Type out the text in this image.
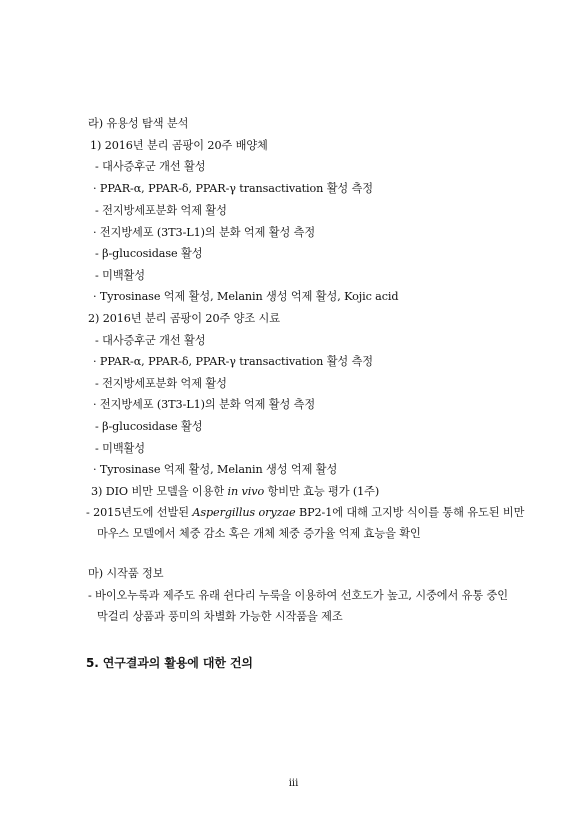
라) 유용성 탐색 분석
1) 2016년 분리 곰팡이 20주 배양체
- 대사증후군 개선 활성
· PPAR-α, PPAR-δ, PPAR-γ transactivation 활성 측정
- 전지방세포분화 억제 활성
· 전지방세포 (3T3-L1)의 분화 억제 활성 측정
- β-glucosidase 활성
- 미백활성
· Tyrosinase 억제 활성, Melanin 생성 억제 활성, Kojic acid
2) 2016년 분리 곰팡이 20주 양조 시료
- 대사증후군 개선 활성
· PPAR-α, PPAR-δ, PPAR-γ transactivation 활성 측정
- 전지방세포분화 억제 활성
· 전지방세포 (3T3-L1)의 분화 억제 활성 측정
- β-glucosidase 활성
- 미백활성
· Tyrosinase 억제 활성, Melanin 생성 억제 활성
3) DIO 비만 모델을 이용한 in vivo 항비만 효능 평가 (1주)
- 2015년도에 선발된 Aspergillus oryzae BP2-1에 대해 고지방 식이를 통해 유도된 비만
마우스 모델에서 체중 감소 혹은 개체 체중 증가율 억제 효능을 확인
마) 시작품 정보
- 바이오누룩과 제주도 유래 쉰다리 누룩을 이용하여 선호도가 높고, 시중에서 유통 중인
막걸리 상품과 풍미의 차별화 가능한 시작품을 제조
5. 연구결과의 활용에 대한 건의
iii
